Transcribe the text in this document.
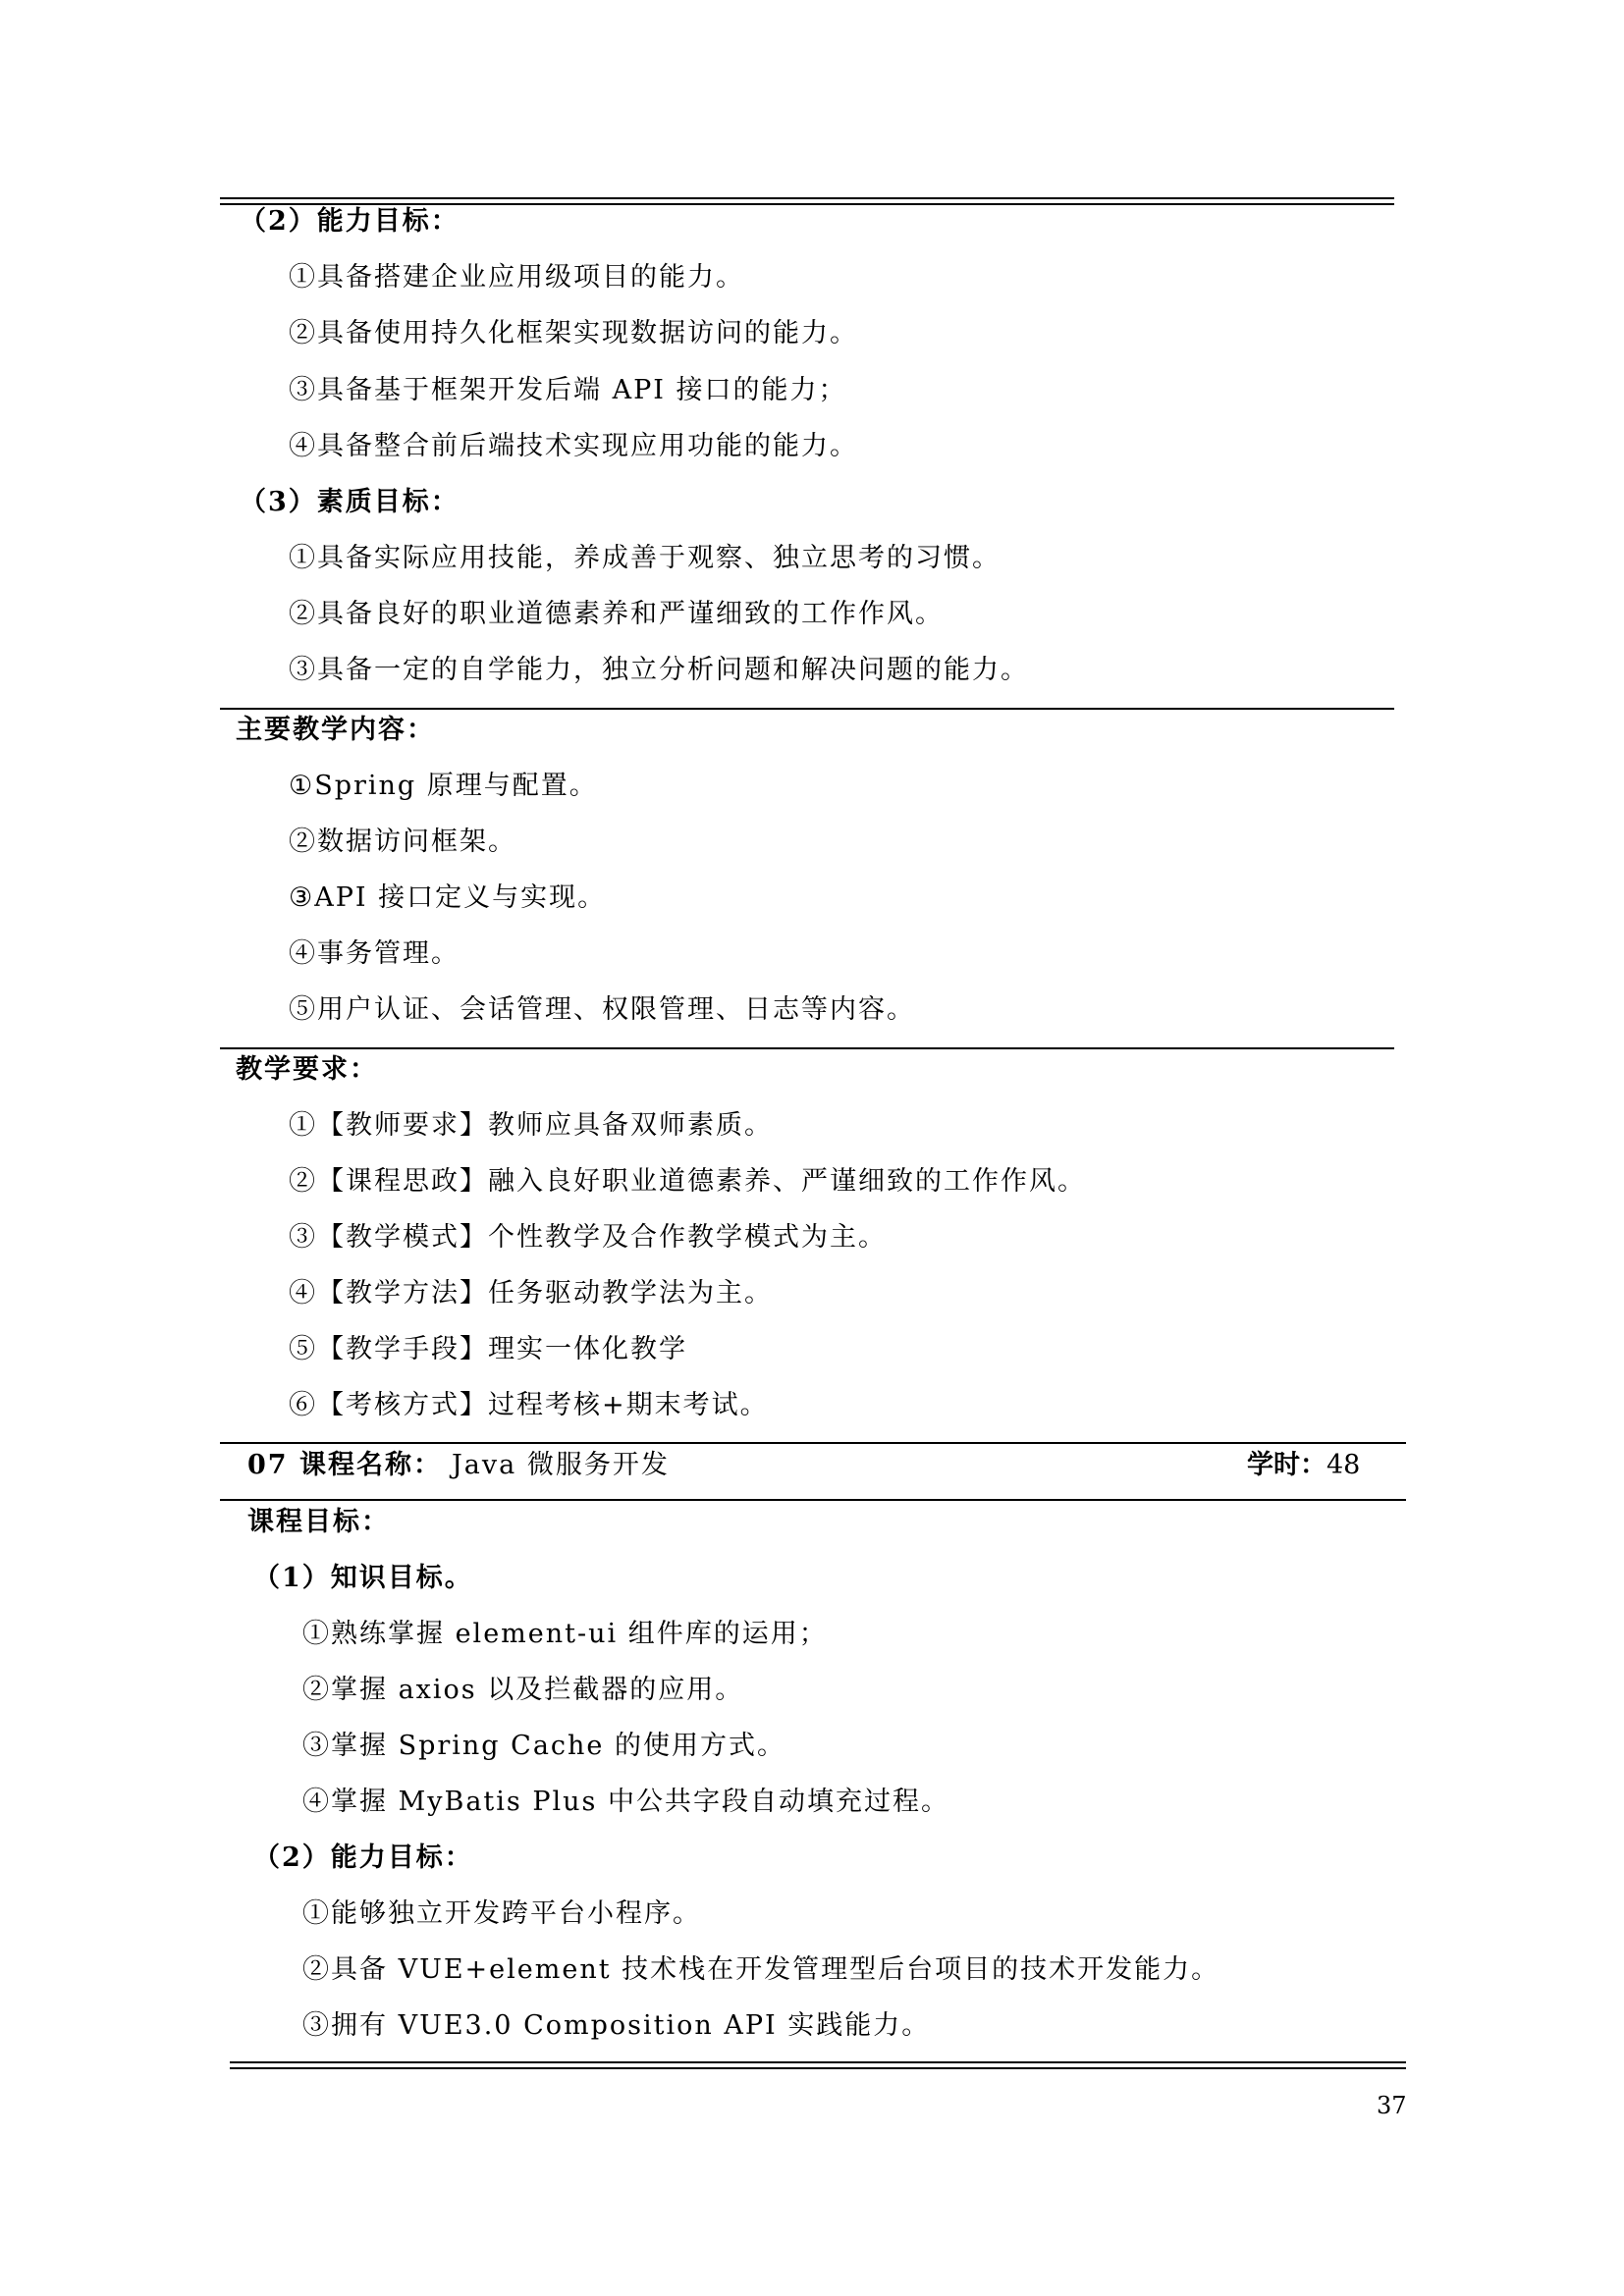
（2）能力目标：
①具备搭建企业应用级项目的能力。
②具备使用持久化框架实现数据访问的能力。
③具备基于框架开发后端 API 接口的能力；
④具备整合前后端技术实现应用功能的能力。
（3）素质目标：
①具备实际应用技能，养成善于观察、独立思考的习惯。
②具备良好的职业道德素养和严谨细致的工作作风。
③具备一定的自学能力，独立分析问题和解决问题的能力。
主要教学内容：
①Spring 原理与配置。
②数据访问框架。
③API 接口定义与实现。
④事务管理。
⑤用户认证、会话管理、权限管理、日志等内容。
教学要求：
①【教师要求】教师应具备双师素质。
②【课程思政】融入良好职业道德素养、严谨细致的工作作风。
③【教学模式】个性教学及合作教学模式为主。
④【教学方法】任务驱动教学法为主。
⑤【教学手段】理实一体化教学
⑥【考核方式】过程考核+期末考试。
07 课程名称： Java 微服务开发	学时：48
课程目标：
（1）知识目标。
①熟练掌握 element-ui 组件库的运用；
②掌握 axios 以及拦截器的应用。
③掌握 Spring Cache 的使用方式。
④掌握 MyBatis Plus 中公共字段自动填充过程。
（2）能力目标：
①能够独立开发跨平台小程序。
②具备 VUE+element 技术栈在开发管理型后台项目的技术开发能力。
③拥有 VUE3.0 Composition API 实践能力。
37
